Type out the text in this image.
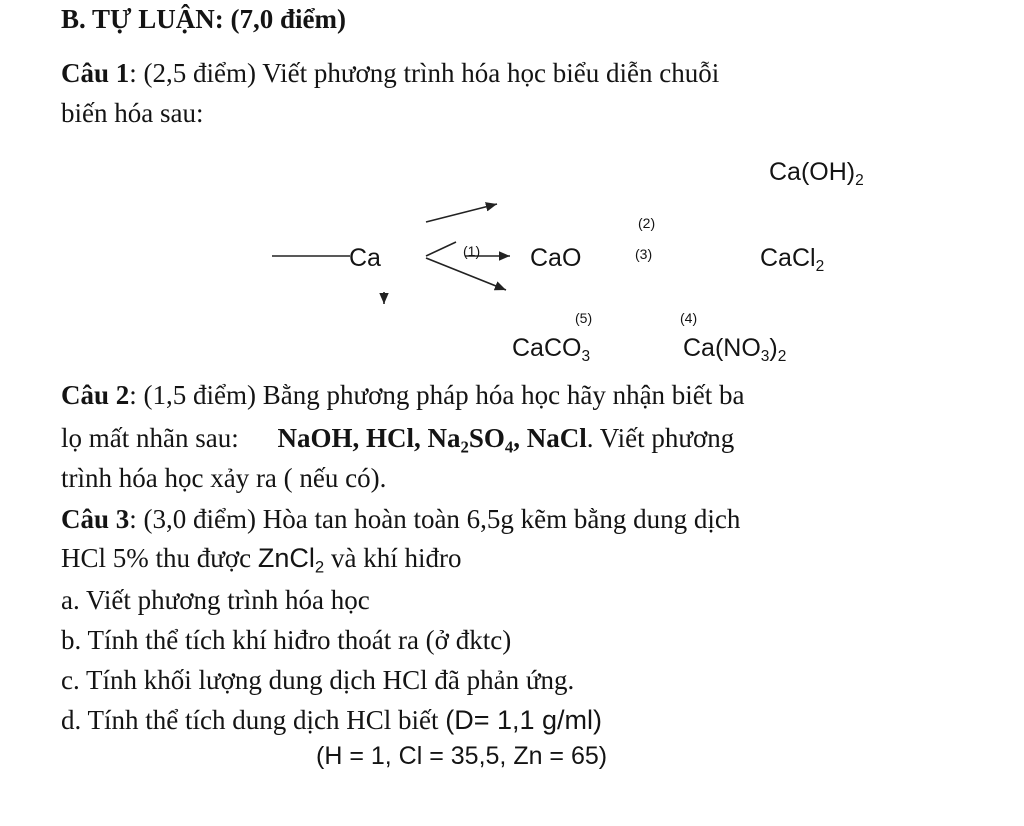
B. TỰ LUẬN: (7,0 điểm)
Câu 1: (2,5 điểm) Viết phương trình hóa học biểu diễn chuỗi
biến hóa sau:
$Ca(OH)_2$
(2)
(3)
(1)
Ca	CaO	CaCl$_2$
(5)	(4)
CaCO$_3$	$Ca(NO_3)_2$
Câu 2: (1,5 điểm) Bằng phương pháp hóa học hãy nhận biết ba
lọ mất nhãn sau: NaOH, HCl, $Na_2SO_4$, NaCl. Viết phương
trình hóa học xảy ra ( nếu có).
Câu 3: (3,0 điểm) Hòa tan hoàn toàn 6,5g kẽm bằng dung dịch
HCl 5% thu được ZnCl$_2$ và khí hiđro
a. Viết phương trình hóa học
b. Tính thể tích khí hiđro thoát ra (ở đktc)
c. Tính khối lượng dung dịch HCl đã phản ứng.
d. Tính thể tích dung dịch HCl biết (D= 1,1 g/ml)
(H = 1, Cl = 35,5, Zn = 65)
